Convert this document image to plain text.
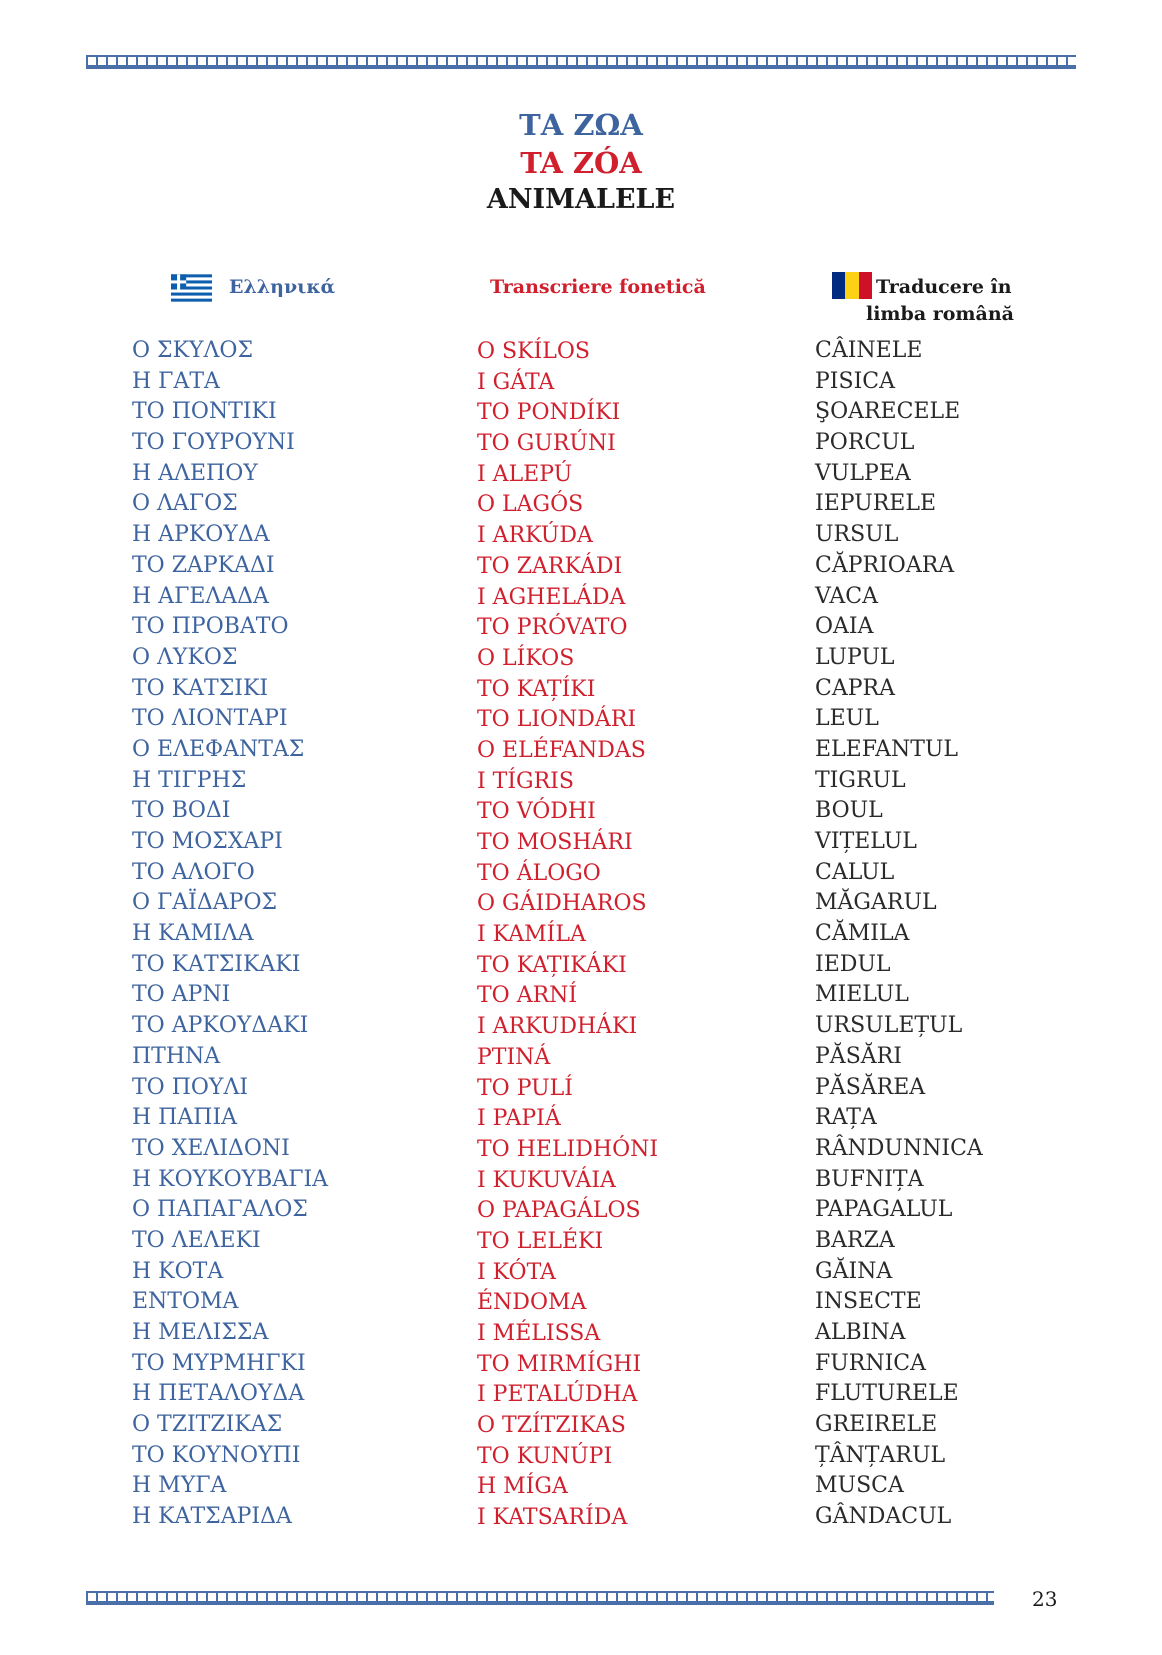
ΤΑ ΖΩΑ
TA ZÓA
ANIMALELE
Ελληνικά	Transcriere fonetică	Traducere în
limba română
Ο ΣΚΥΛΟΣ
Η ΓΑΤΑ
ΤΟ ΠΟΝΤΙΚΙ
ΤΟ ΓΟΥΡΟΥΝΙ
Η ΑΛΕΠΟΥ
Ο ΛΑΓΟΣ
Η ΑΡΚΟΥΔΑ
ΤΟ ΖΑΡΚΑΔΙ
Η ΑΓΕΛΑΔΑ
ΤΟ ΠΡΟΒΑΤΟ
Ο ΛΥΚΟΣ
ΤΟ ΚΑΤΣΙΚΙ
ΤΟ ΛΙΟΝΤΑΡΙ
Ο ΕΛΕΦΑΝΤΑΣ
Η ΤΙΓΡΗΣ
ΤΟ ΒΟΔΙ
ΤΟ ΜΟΣΧΑΡΙ
ΤΟ ΑΛΟΓΟ
Ο ΓΑΪΔΑΡΟΣ
Η ΚΑΜΙΛΑ
ΤΟ ΚΑΤΣΙΚΑΚΙ
ΤΟ ΑΡΝΙ
ΤΟ ΑΡΚΟΥΔΑΚΙ
ΠΤΗΝΑ
ΤΟ ΠΟΥΛΙ
Η ΠΑΠΙΑ
ΤΟ ΧΕΛΙΔΟΝΙ
Η ΚΟΥΚΟΥΒΑΓΙΑ
Ο ΠΑΠΑΓΑΛΟΣ
ΤΟ ΛΕΛΕΚΙ
Η ΚΟΤΑ
ΕΝΤΟΜΑ
Η ΜΕΛΙΣΣΑ
ΤΟ ΜΥΡΜΗΓΚΙ
Η ΠΕΤΑΛΟΥΔΑ
Ο ΤΖΙΤΖΙΚΑΣ
ΤΟ ΚΟΥΝΟΥΠΙ
Η ΜΥΓΑ
Η ΚΑΤΣΑΡΙΔΑ
O SKÍLOS
I GÁTA
TO PONDÍKI
TO GURÚNI
I ALEPÚ
O LAGÓS
I ARKÚDA
TO ZARKÁDI
I AGHELÁDA
TO PRÓVATO
O LÍKOS
TO KAȚÍKI
TO LIONDÁRI
O ELÉFANDAS
I TÍGRIS
TO VÓDHI
TO MOSHÁRI
TO ÁLOGO
O GÁIDHAROS
I KAMÍLA
TO KAȚIKÁKI
TO ARNÍ
I ARKUDHÁKI
PTINÁ
TO PULÍ
I PAPIÁ
TO HELIDHÓNI
I KUKUVÁIA
O PAPAGÁLOS
TO LELÉKI
I KÓTA
ÉNDOMA
I MÉLISSA
TO MIRMÍGHI
I PETALÚDHA
O TZÍTZIKAS
TO KUNÚPI
H MÍGA
I KATSARÍDA
CÂINELE
PISICA
ŞOARECELE
PORCUL
VULPEA
IEPURELE
URSUL
CĂPRIOARA
VACA
OAIA
LUPUL
CAPRA
LEUL
ELEFANTUL
TIGRUL
BOUL
VIȚELUL
CALUL
MĂGARUL
CĂMILA
IEDUL
MIELUL
URSULEȚUL
PĂSĂRI
PĂSĂREA
RAȚA
RÂNDUNNICA
BUFNIȚA
PAPAGALUL
BARZA
GĂINA
INSECTE
ALBINA
FURNICA
FLUTURELE
GREIRELE
ȚÂNȚARUL
MUSCA
GÂNDACUL
23
